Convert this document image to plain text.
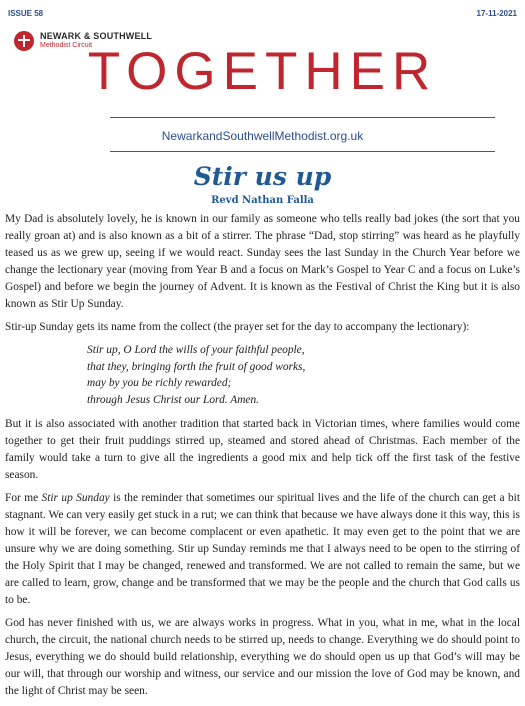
ISSUE 58	17-11-2021
NEWARK & SOUTHWELL
Methodist Circuit
TOGETHER
NewarkandSouthwellMethodist.org.uk
Stir us up
Revd Nathan Falla

My Dad is absolutely lovely, he is known in our family as someone who tells really bad jokes (the sort that you really groan at) and is also known as a bit of a stirrer. The phrase “Dad, stop stirring” was heard as he playfully teased us as we grew up, seeing if we would react. Sunday sees the last Sunday in the Church Year before we change the lectionary year (moving from Year B and a focus on Mark’s Gospel to Year C and a focus on Luke’s Gospel) and before we begin the journey of Advent. It is known as the Festival of Christ the King but it is also known as Stir Up Sunday.

Stir-up Sunday gets its name from the collect (the prayer set for the day to accompany the lectionary):

Stir up, O Lord the wills of your faithful people,
that they, bringing forth the fruit of good works,
may by you be richly rewarded;
through Jesus Christ our Lord. Amen.

But it is also associated with another tradition that started back in Victorian times, where families would come together to get their fruit puddings stirred up, steamed and stored ahead of Christmas. Each member of the family would take a turn to give all the ingredients a good mix and help tick off the first task of the festive season.

For me Stir up Sunday is the reminder that sometimes our spiritual lives and the life of the church can get a bit stagnant. We can very easily get stuck in a rut; we can think that because we have always done it this way, this is how it will be forever, we can become complacent or even apathetic. It may even get to the point that we are unsure why we are doing something. Stir up Sunday reminds me that I always need to be open to the stirring of the Holy Spirit that I may be changed, renewed and transformed. We are not called to remain the same, but we are called to learn, grow, change and be transformed that we may be the people and the church that God calls us to be.

God has never finished with us, we are always works in progress. What in you, what in me, what in the local church, the circuit, the national church needs to be stirred up, needs to change. Everything we do should point to Jesus, everything we do should build relationship, everything we do should open us up that God’s will may be our will, that through our worship and witness, our service and our mission the love of God may be known, and the light of Christ may be seen.
